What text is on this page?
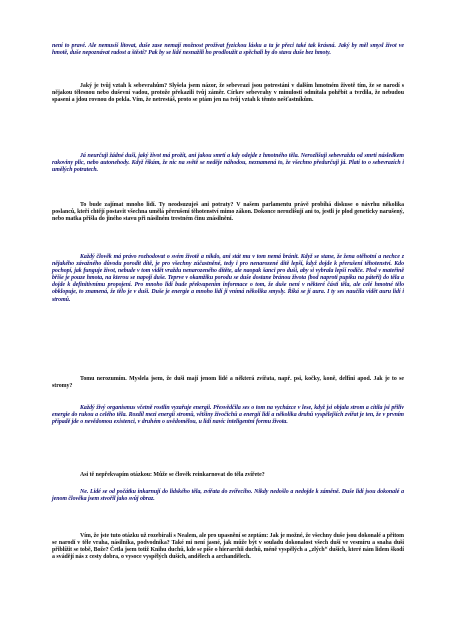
není to pravé. Ale nemusíš litovat, duše zase nemají možnost prožívat fyzickou lásku a ta je přeci také tak krásná. Jaký by měl smysl život ve hmotě, duše nepoznávat radost a štěstí? Pak by se lidé nesnažili ho prodloužit a spěchali by do stavu duše bez hmoty.

Jaký je tvůj vztah k sebevrahům? Slyšela jsem názor, že sebevrazi jsou potrestáni v dalším hmotném životě tím, že se narodí s nějakou tělesnou nebo duševní vadou, protože překazili tvůj záměr. Církev sebevrahy v minulosti odmítala pohřbít a tvrdila, že nebudou spaseni a jdou rovnou do pekla. Vím, že netrestáš, proto se ptám jen na tvůj vztah k těmto nešťastníkům.

Já neurčuji žádné duši, jaký život má prožít, ani jakou smrtí a kdy odejde z hmotného těla. Nerozlišuji sebevraždu od smrti následkem rakoviny plic, nebo autonehody. Když říkám, že nic na světě se neděje náhodou, neznamená to, že všechno předurčuji já. Platí to o sebevrazích i umělých potratech.

To bude zajímat mnoho lidí. Ty neodsuzuješ ani potraty? V našem parlamentu právě probíhá diskuse o návrhu několika poslanců, kteří chtějí postavit všechna umělá přerušení těhotenství mimo zákon. Dokonce nerozlišují ani to, jestli je plod geneticky narušený, nebo matka přišla do jiného stavu při násilném trestném činu znásilnění.

Každý člověk má právo rozhodovat o svém životě a nikdo, ani stát mu v tom nemá bránit. Když se stane, že žena otěhotní a nechce z nějakého závažného důvodu porodit dítě, je pro všechny zúčastněné, tedy i pro nenarozené dítě lepší, když dojde k přerušení těhotenství. Kdo pochopí, jak funguje život, nebude v tom vidět vraždu nenarozeného dítěte, ale naopak šanci pro duši, aby si vybrala lepší rodiče. Plod v mateřině břiše je pouze hmota, na kterou se napojí duše. Teprve v okamžiku porodu se duše dostane bránou života (bod naproti pupíku na páteři) do těla a dojde k definitivnímu propojení. Pro mnoho lidí bude překvapením informace o tom, že duše není v některé části těla, ale celé hmotné tělo obklopuje, to znamená, že tělo je v duši. Duše je energie a mnoho lidí ji vnímá několika smysly. Říká se jí aura. I ty ses naučila vidět auru lidí i stromů.

Tomu nerozumím. Myslela jsem, že duši mají jenom lidé a některá zvířata, např. psi, kočky, koně, delfíni apod. Jak je to se stromy?

Každý živý organismus včetně rostlin vyzařuje energii. Přesvědčila ses o tom na vycházce v lese, když jsi objala strom a cítila jsi přiliv energie do rukou a celého těla. Rozdíl mezi energií stromů, většiny živočichů a energií lidí a několika druhů vyspělejších zvířat je ten, že v prvním případě jde o nevědomou existenci, v druhém o uvědomělou, u lidí navíc inteligentní formu života.

Asi tě nepřekvapím otázkou: Může se člověk reinkarnovat do těla zvířete?

Ne. Lidé se od počátku inkarnují do lidského těla, zvířata do zvířecího. Nikdy nedošlo a nedojde k záměně. Duše lidí jsou dokonalé a jenom člověka jsem stvořil jako svůj obraz.

Vím, že jste tuto otázku už rozebírali s Nealem, ale pro upasnění se zeptám: Jak je možné, že všechny duše jsou dokonalé a přitom se narodí v těle vraha, násilníka, podvodníka? Také mi není jasné, jak může být v souladu dokonalost všech duší ve vesmíru a snaha duší přiblížit se tobě, Bože? Četla jsem totiž Knihu duchů, kde se píše o hierarchii duchů, méně vyspělých a „zlých“ duších, které nám lidem škodí a svádějí nás z cesty dobra, o vysoce vyspělých duších, andělech a archandělech.
